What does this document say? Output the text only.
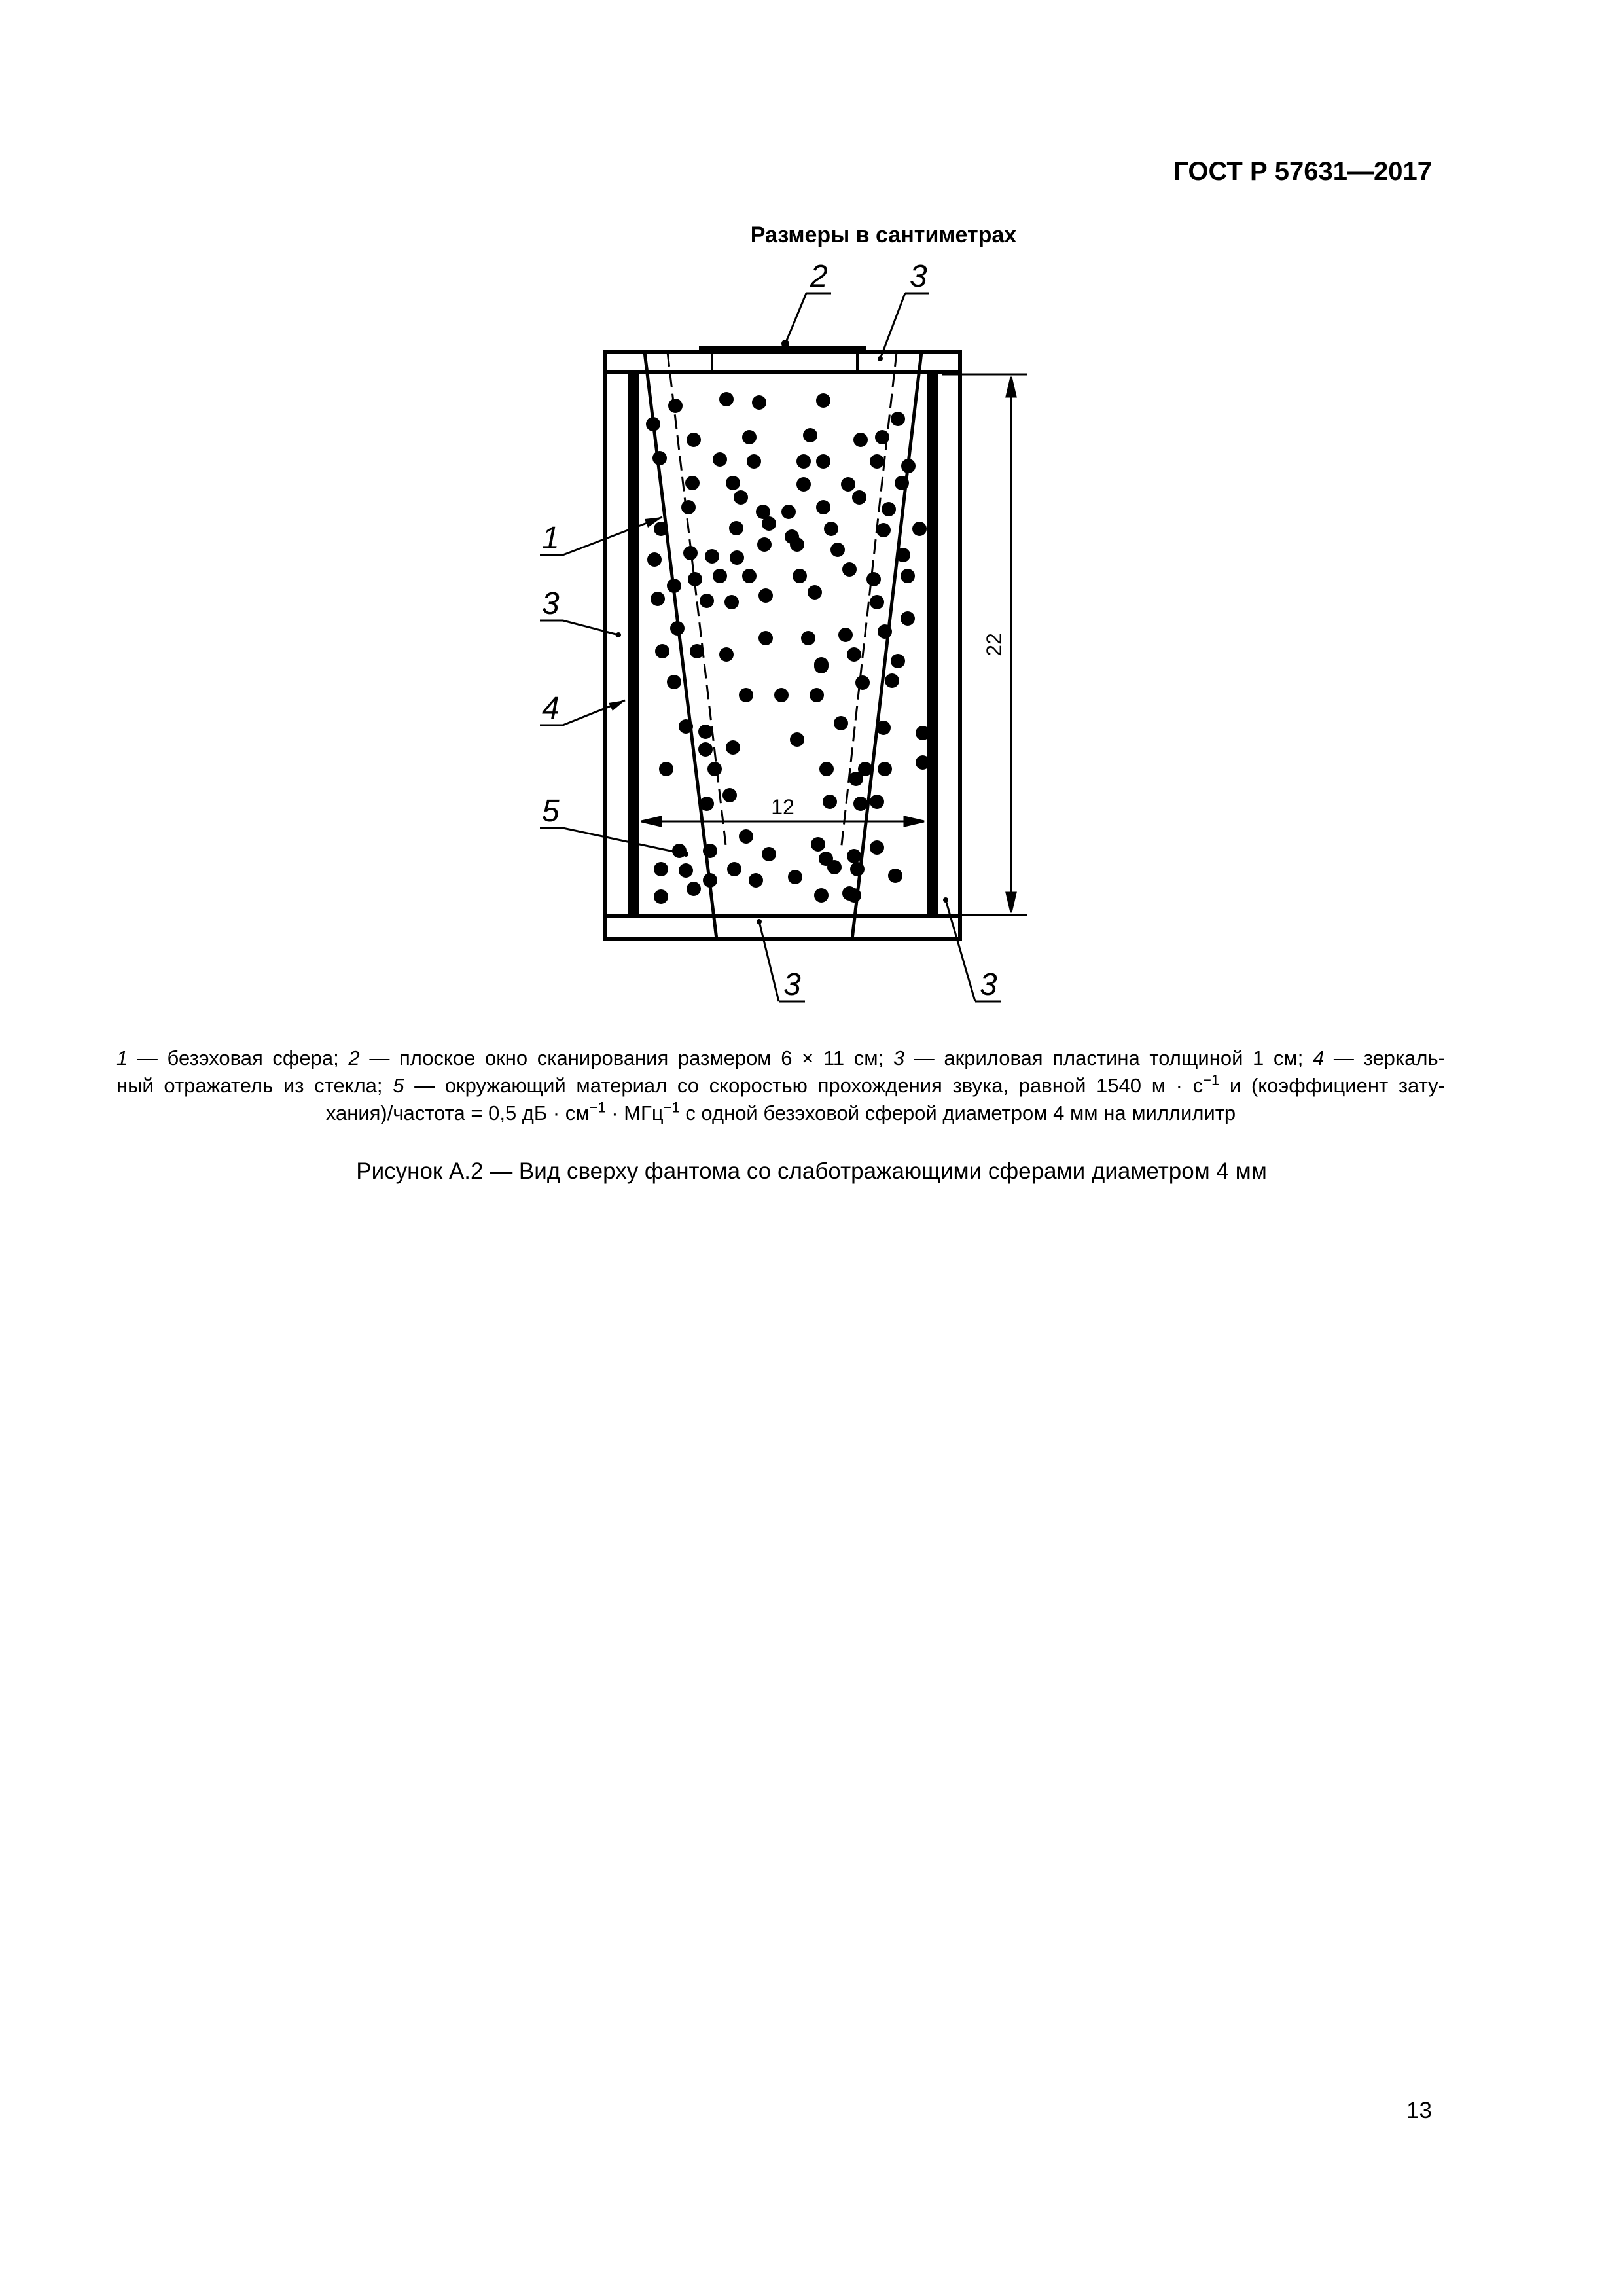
ГОСТ Р 57631—2017
Размеры в сантиметрах
22
12
2	3
1
3
4
5
3	3

1 — безэховая сфера; 2 — плоское окно сканирования размером 6 × 11 см; 3 — акриловая пластина толщиной 1 см; 4 — зеркаль-

ный отражатель из стекла; 5 — окружающий материал со скоростью прохождения звука, равной 1540 $м \cdot с^{-1}$ и (коэффициент зату-

хания)/частота = 0,5 дБ · $см^{-1} \cdot МГц^{-1}$ с одной безэховой сферой диаметром 4 мм на миллилитр

Рисунок А.2 — Вид сверху фантома со слаботражающими сферами диаметром 4 мм
13
